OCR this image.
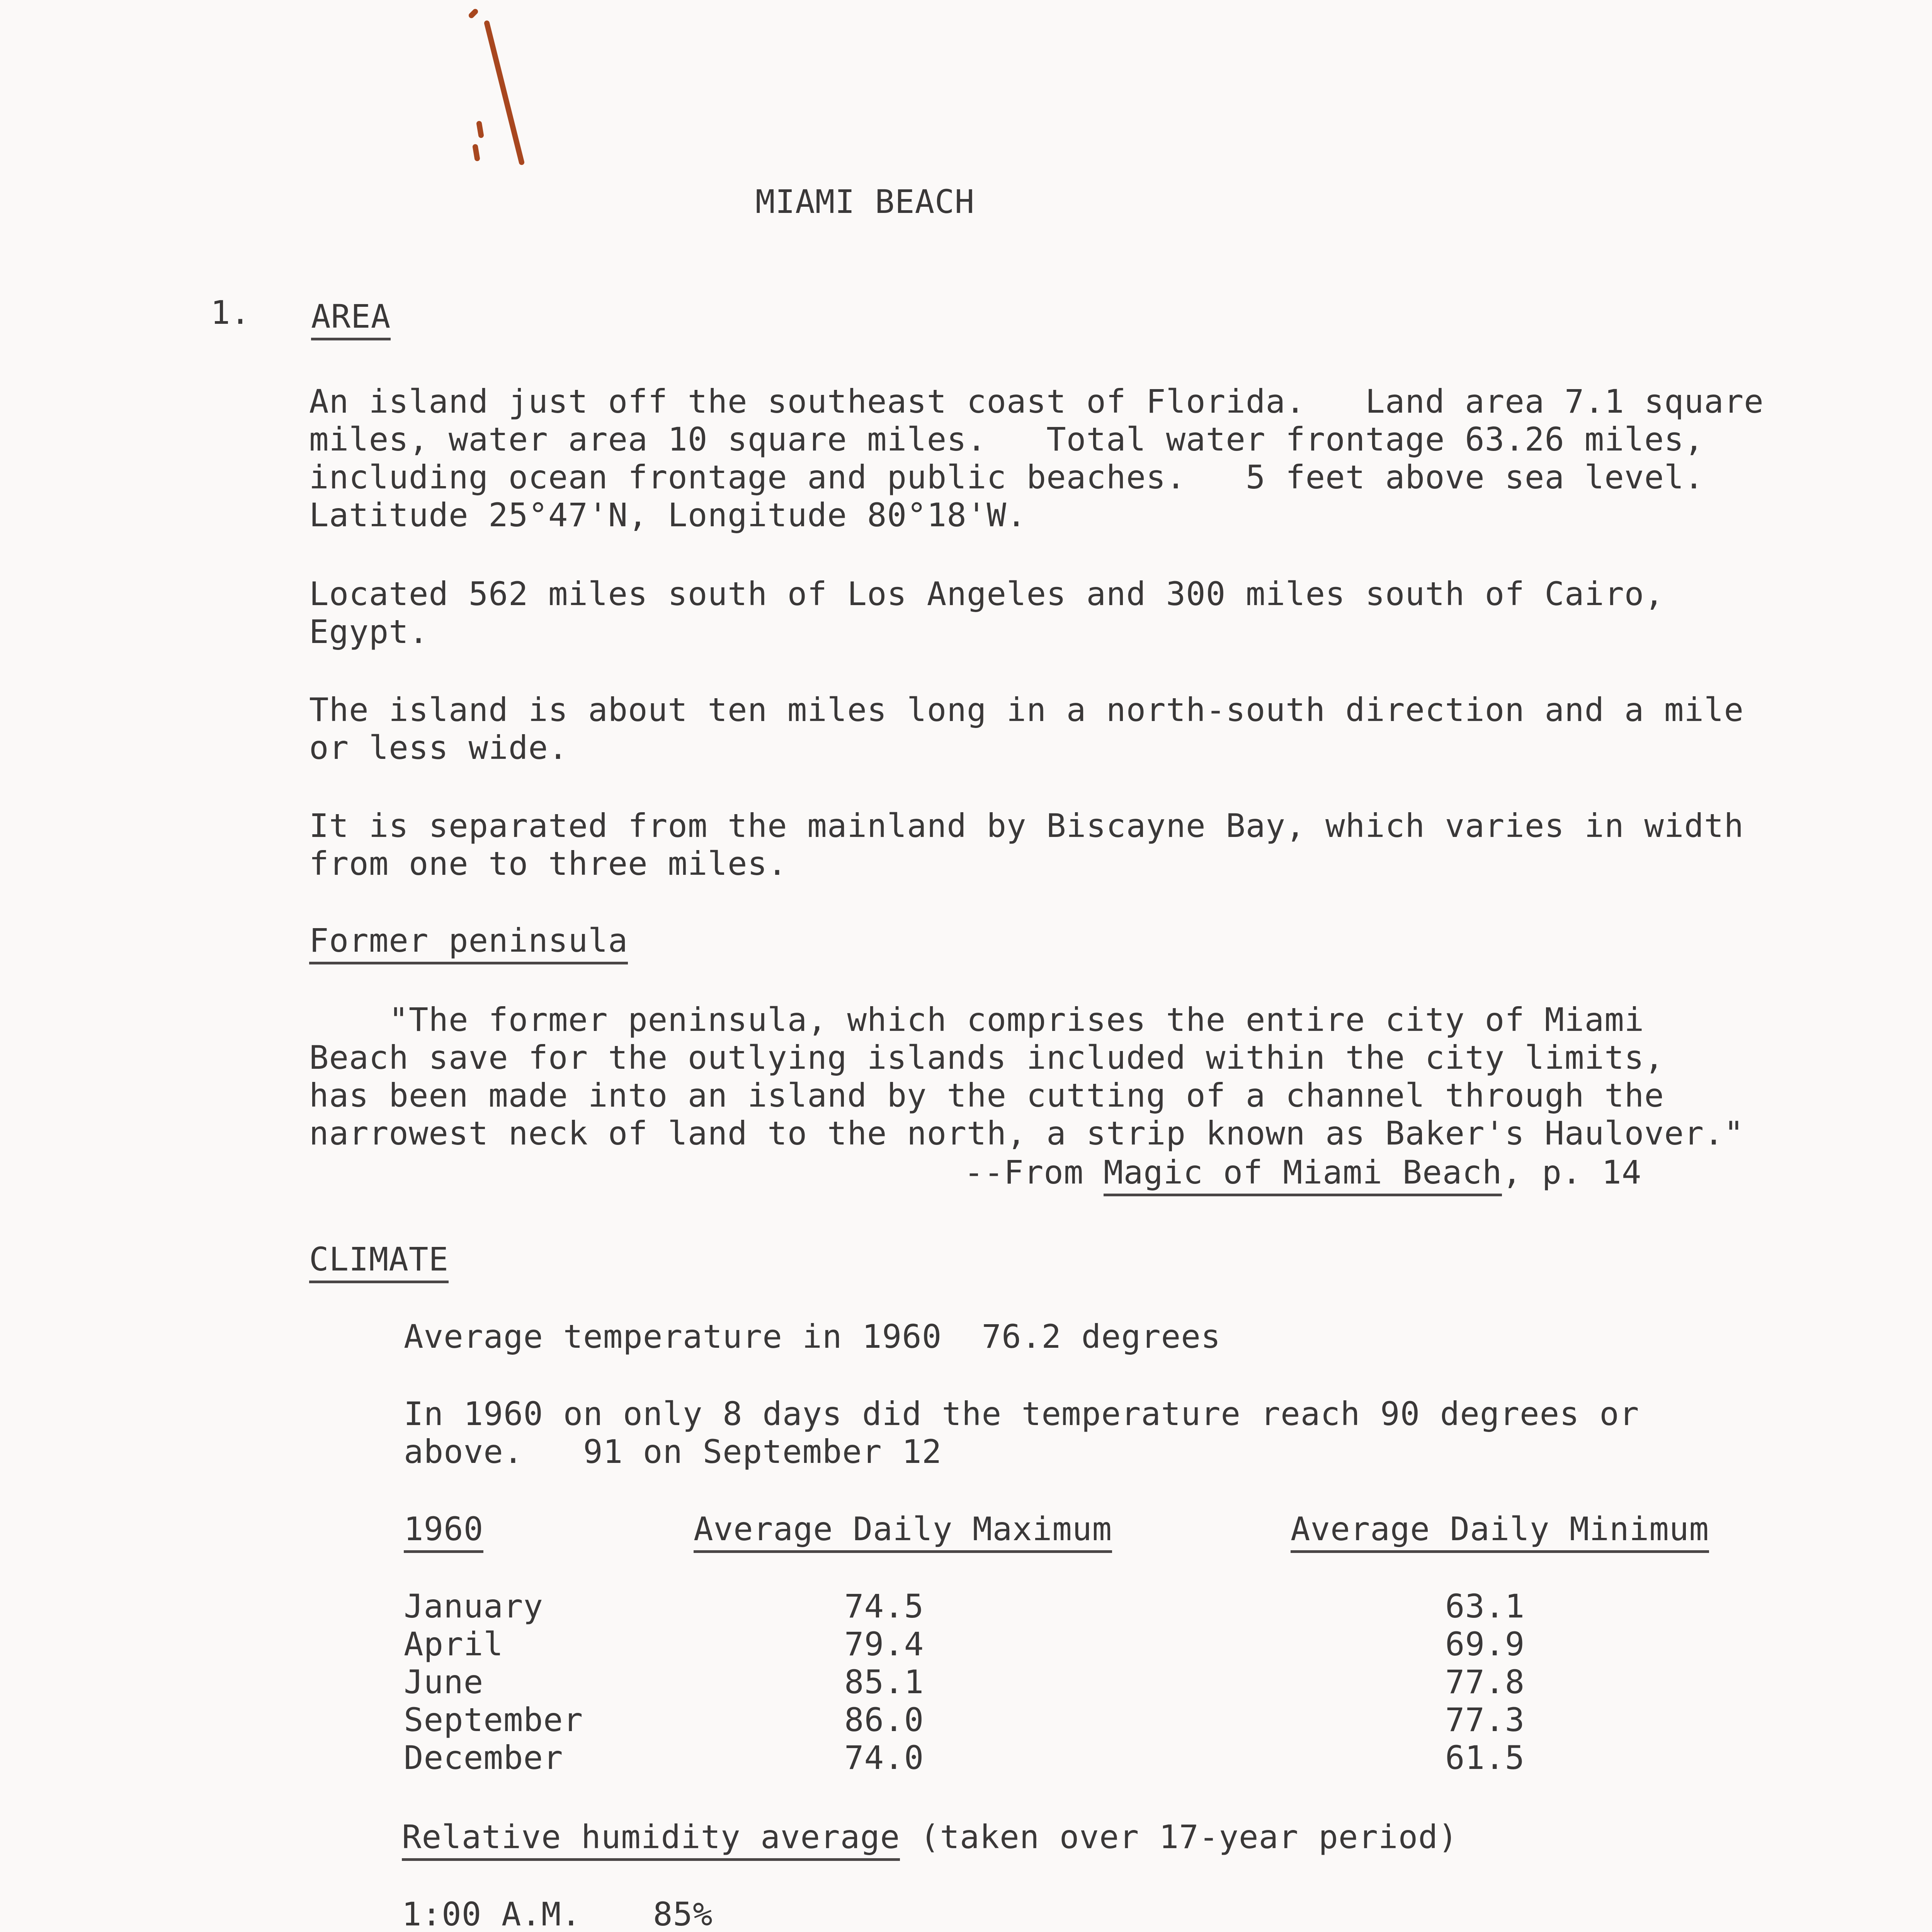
MIAMI BEACH
1. AREA
An island just off the southeast coast of Florida.   Land area 7.1 square
miles, water area 10 square miles.   Total water frontage 63.26 miles,
including ocean frontage and public beaches.   5 feet above sea level.
Latitude 25°47'N, Longitude 80°18'W.
Located 562 miles south of Los Angeles and 300 miles south of Cairo,
Egypt.
The island is about ten miles long in a north-south direction and a mile
or less wide.
It is separated from the mainland by Biscayne Bay, which varies in width
from one to three miles.
Former peninsula
"The former peninsula, which comprises the entire city of Miami
Beach save for the outlying islands included within the city limits,
has been made into an island by the cutting of a channel through the
narrowest neck of land to the north, a strip known as Baker's Haulover."
--From Magic of Miami Beach, p. 14
CLIMATE
Average temperature in 1960  76.2 degrees
In 1960 on only 8 days did the temperature reach 90 degrees or
above.   91 on September 12
1960	Average Daily Maximum	Average Daily Minimum
January	74.5	63.1
April	79.4	69.9
June	85.1	77.8
September	86.0	77.3
December	74.0	61.5
Relative humidity average (taken over 17-year period)
1:00 A.M. 85%
